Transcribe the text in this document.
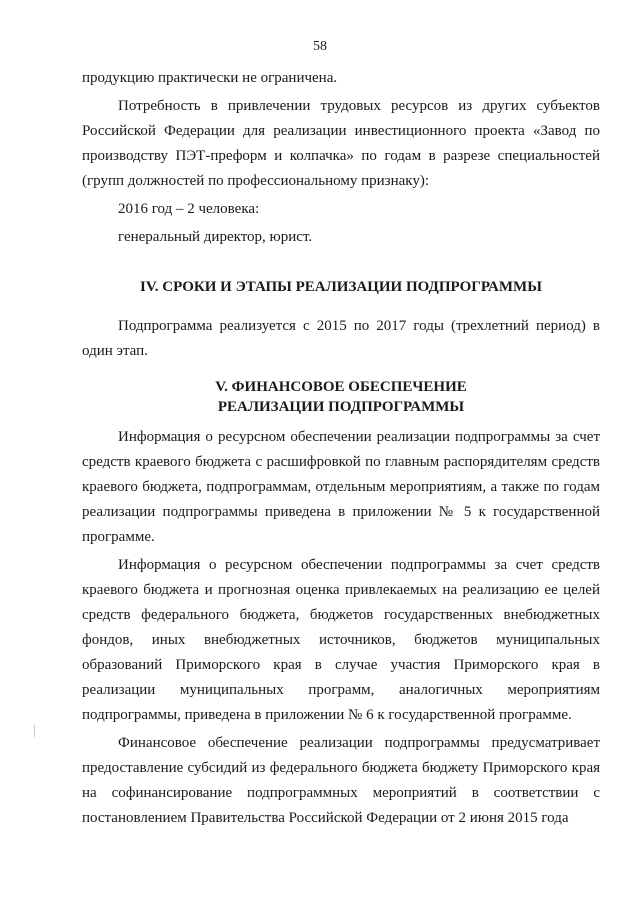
58

продукцию практически не ограничена.

Потребность в привлечении трудовых ресурсов из других субъектов Российской Федерации для реализации инвестиционного проекта «Завод по производству ПЭТ-преформ и колпачка» по годам в разрезе специальностей (групп должностей по профессиональному признаку):

2016 год – 2 человека:

генеральный директор, юрист.

IV. СРОКИ И ЭТАПЫ РЕАЛИЗАЦИИ ПОДПРОГРАММЫ

Подпрограмма реализуется с 2015 по 2017 годы (трехлетний период) в один этап.

V. ФИНАНСОВОЕ ОБЕСПЕЧЕНИЕ
РЕАЛИЗАЦИИ ПОДПРОГРАММЫ

Информация о ресурсном обеспечении реализации подпрограммы за счет средств краевого бюджета с расшифровкой по главным распорядителям средств краевого бюджета, подпрограммам, отдельным мероприятиям, а также по годам реализации подпрограммы приведена в приложении № 5 к государственной программе.

Информация о ресурсном обеспечении подпрограммы за счет средств краевого бюджета и прогнозная оценка привлекаемых на реализацию ее целей средств федерального бюджета, бюджетов государственных внебюджетных фондов, иных внебюджетных источников, бюджетов муниципальных образований Приморского края в случае участия Приморского края в реализации муниципальных программ, аналогичных мероприятиям подпрограммы, приведена в приложении № 6 к государственной программе.

Финансовое обеспечение реализации подпрограммы предусматривает предоставление субсидий из федерального бюджета бюджету Приморского края на софинансирование подпрограммных мероприятий в соответствии с постановлением Правительства Российской Федерации от 2 июня 2015 года
